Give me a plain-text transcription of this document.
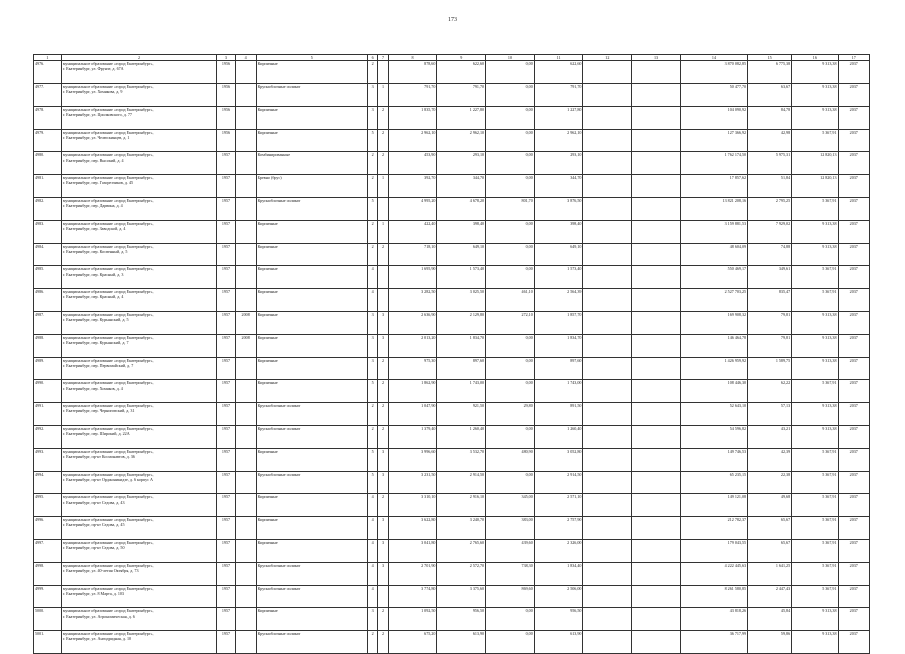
173
1	2	3	4	5	6	7	8	9	10	11	12	13	14	15	16	17
4976.	муниципальное образование «город Екатеринбург»,
г. Екатеринбург, ул. Фрунзе, д. 67А	1956		Кирпичные	2		878,60	622,60	0,00	622,60			3 870 082,85	6 775,38	9 313,38	2037
4977.	муниципальное образование «город Екатеринбург»,
г. Екатеринбург, ул. Хомякова, д. 9	1956		Крупноблочные силикат	3	1	791,70	791,70	0,00	791,70			50 477,70	63,67	9 313,38	2037
4978.	муниципальное образование «город Екатеринбург»,
г. Екатеринбург, ул. Циолковского, д. 77	1956		Кирпичные	3	2	1 835,70	1 227,80	0,00	1 227,80			104 090,92	84,78	9 313,38	2037
4979.	муниципальное образование «город Екатеринбург»,
г. Екатеринбург, ул. Челюскинцев, д. 1	1956		Кирпичные	5	2	2 962,10	2 962,10	0,00	2 962,10			127 366,92	42,98	5 367,91	2037
4980.	муниципальное образование «город Екатеринбург»,
г. Екатеринбург, пер. Высокий, д. 4	1957		Комбинированные	2	2	453,90	293,10	0,00	293,10			1 762 174,50	5 975,31	12 820,13	2037
4981.	муниципальное образование «город Екатеринбург»,
г. Екатеринбург, пер. Газорезчиков, д. 45	1957		Бревно (брус)	2	1	392,70	344,70	0,00	344,70			17 857,62	51,84	12 820,13	2037
4982.	муниципальное образование «город Екатеринбург»,
г. Екатеринбург, пер. Дарвина, д. 4	1957		Крупноблочные силикат	5		4 995,20	4 678,20	801,70	3 876,50			13 821 208,16	2 795,25	5 367,91	2037
4983.	муниципальное образование «город Екатеринбург»,
г. Екатеринбург, пер. Заводской, д. 4	1957		Кирпичные	2	1	422,40	398,40	0,00	398,40			3 159 881,53	7 929,02	9 313,38	2037
4984.	муниципальное образование «город Екатеринбург»,
г. Екатеринбург, пер. Косвенный, д. 5	1957		Кирпичные	2	2	718,10	649,10	0,00	649,10			48 604,09	74,88	9 313,38	2037
4985.	муниципальное образование «город Екатеринбург»,
г. Екатеринбург, пер. Красный, д. 3	1957		Кирпичные	4		1 695,90	1 573,40	0,00	1 573,40			550 469,17	349,61	5 367,91	2037
4986.	муниципальное образование «город Екатеринбург»,
г. Екатеринбург, пер. Красный, д. 4	1957		Кирпичные	4		3 282,50	3 025,50	461,10	2 564,39			2 527 703,25	835,47	5 367,91	2037
4987.	муниципальное образование «город Екатеринбург»,
г. Екатеринбург, пер. Курьянский, д. 5	1957	2008	Кирпичные	3	3	2 636,90	2 129,80	272,10	1 857,70			169 908,32	79,81	9 313,38	2037
4988.	муниципальное образование «город Екатеринбург»,
г. Екатеринбург, пер. Курьянский, д. 7	1957	2008	Кирпичные	3	3	2 013,20	1 834,70	0,00	1 834,70			146 464,78	79,81	9 313,38	2037
4989.	муниципальное образование «город Екатеринбург»,
г. Екатеринбург, пер. Первомайский, д. 7	1957		Кирпичные	3	2	975,30	897,60	0,00	897,60			1 426 959,92	1 589,75	9 313,38	2037
4990.	муниципальное образование «город Екатеринбург»,
г. Екатеринбург, пер. Хомяков, д. 4	1957		Кирпичные	5	2	1 862,90	1 743,00	0,00	1 743,00			108 446,30	62,22	5 367,91	2037
4991.	муниципальное образование «город Екатеринбург»,
г. Екатеринбург, пер. Черниговский, д. 31	1957		Крупноблочные силикат	2	2	1 047,90	921,50	29,80	891,50			52 643,10	57,13	9 313,38	2037
4992.	муниципальное образование «город Екатеринбург»,
г. Екатеринбург, пер. Широкий, д. 22А	1957		Крупноблочные силикат	2	2	1 379,40	1 260,40	0,00	1 260,40			54 596,82	43,21	9 313,38	2037
4993.	муниципальное образование «город Екатеринбург»,
г. Екатеринбург, пр-кт Космонавтов, д. 36	1957		Кирпичные	5	3	3 996,60	3 532,70	480,90	3 052,80			149 746,53	42,39	5 367,91	2037
4994.	муниципальное образование «город Екатеринбург»,
г. Екатеринбург, пр-кт Орджоникидзе, д. 6 корпус А	1957		Крупноблочные силикат	5	3	3 231,50	2 914,50	0,00	2 914,50			65 235,15	22,38	5 367,91	2037
4995.	муниципальное образование «город Екатеринбург»,
г. Екатеринбург, пр-кт Седова, д. 43	1957		Кирпичные	4	2	3 310,10	2 916,10	345,00	2 571,10			149 121,08	49,68	5 367,91	2037
4996.	муниципальное образование «город Екатеринбург»,
г. Екатеринбург, пр-кт Седова, д. 45	1957		Кирпичные	4	3	3 622,80	3 240,70	383,00	2 757,90			212 782,37	65,67	5 367,91	2037
4997.	муниципальное образование «город Екатеринбург»,
г. Екатеринбург, пр-кт Седова, д. 50	1957		Кирпичные	4	3	3 041,80	2 765,60	439,60	2 326,00			179 043,55	65,67	5 367,91	2037
4998.	муниципальное образование «город Екатеринбург»,
г. Екатеринбург, ул. 40-летия Октября, д. 73	1957		Крупноблочные силикат	4	3	2 701,90	2 572,70	738,30	1 834,40			4 222 445,63	1 641,25	5 367,91	2037
4999.	муниципальное образование «город Екатеринбург»,
г. Екатеринбург, ул. 8 Марта, д. 103	1957		Крупноблочные силикат	4		3 774,80	3 375,60	869,60	2 506,00			8 261 580,85	2 447,43	5 367,91	2037
5000.	муниципальное образование «город Екатеринбург»,
г. Екатеринбург, ул. Агрономическая, д. 6	1957		Кирпичные	3	2	1 092,50	956,50	0,00	956,50			43 818,26	45,84	9 313,38	2037
5001.	муниципальное образование «город Екатеринбург»,
г. Екатеринбург, ул. Ангидридная, д. 10	1957		Крупноблочные силикат	2	2	675,20	613,90	0,00	613,90			36 717,99	59,86	9 313,38	2037
